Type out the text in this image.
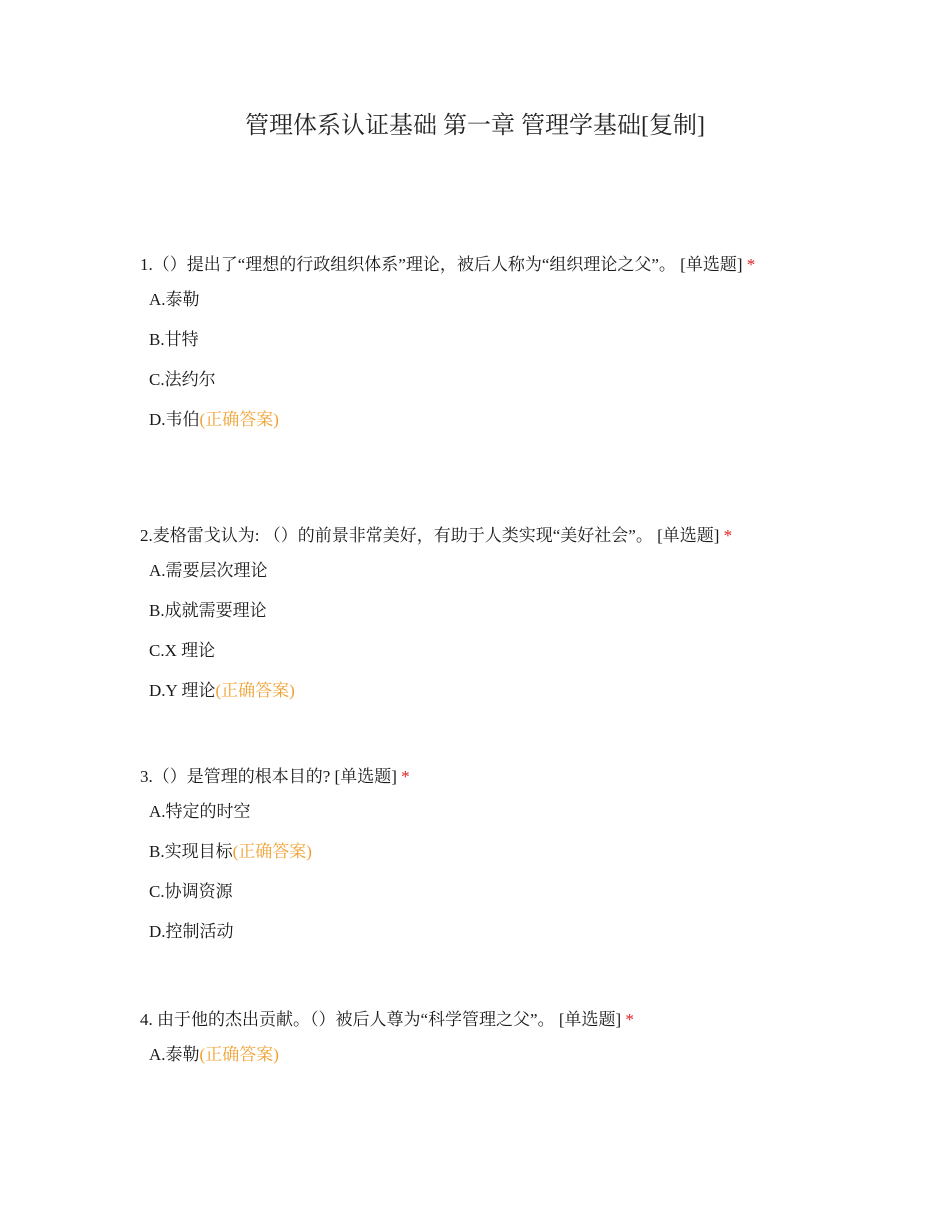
管理体系认证基础 第一章 管理学基础[复制]
1.（）提出了“理想的行政组织体系”理论，被后人称为“组织理论之父”。 [单选题] *
A.泰勒
B.甘特
C.法约尔
D.韦伯(正确答案)
2.麦格雷戈认为: （）的前景非常美好，有助于人类实现“美好社会”。 [单选题] *
A.需要层次理论
B.成就需要理论
C.X 理论
D.Y 理论(正确答案)
3.（）是管理的根本目的? [单选题] *
A.特定的时空
B.实现目标(正确答案)
C.协调资源
D.控制活动
4. 由于他的杰出贡献。（）被后人尊为“科学管理之父”。 [单选题] *
A.泰勒(正确答案)
